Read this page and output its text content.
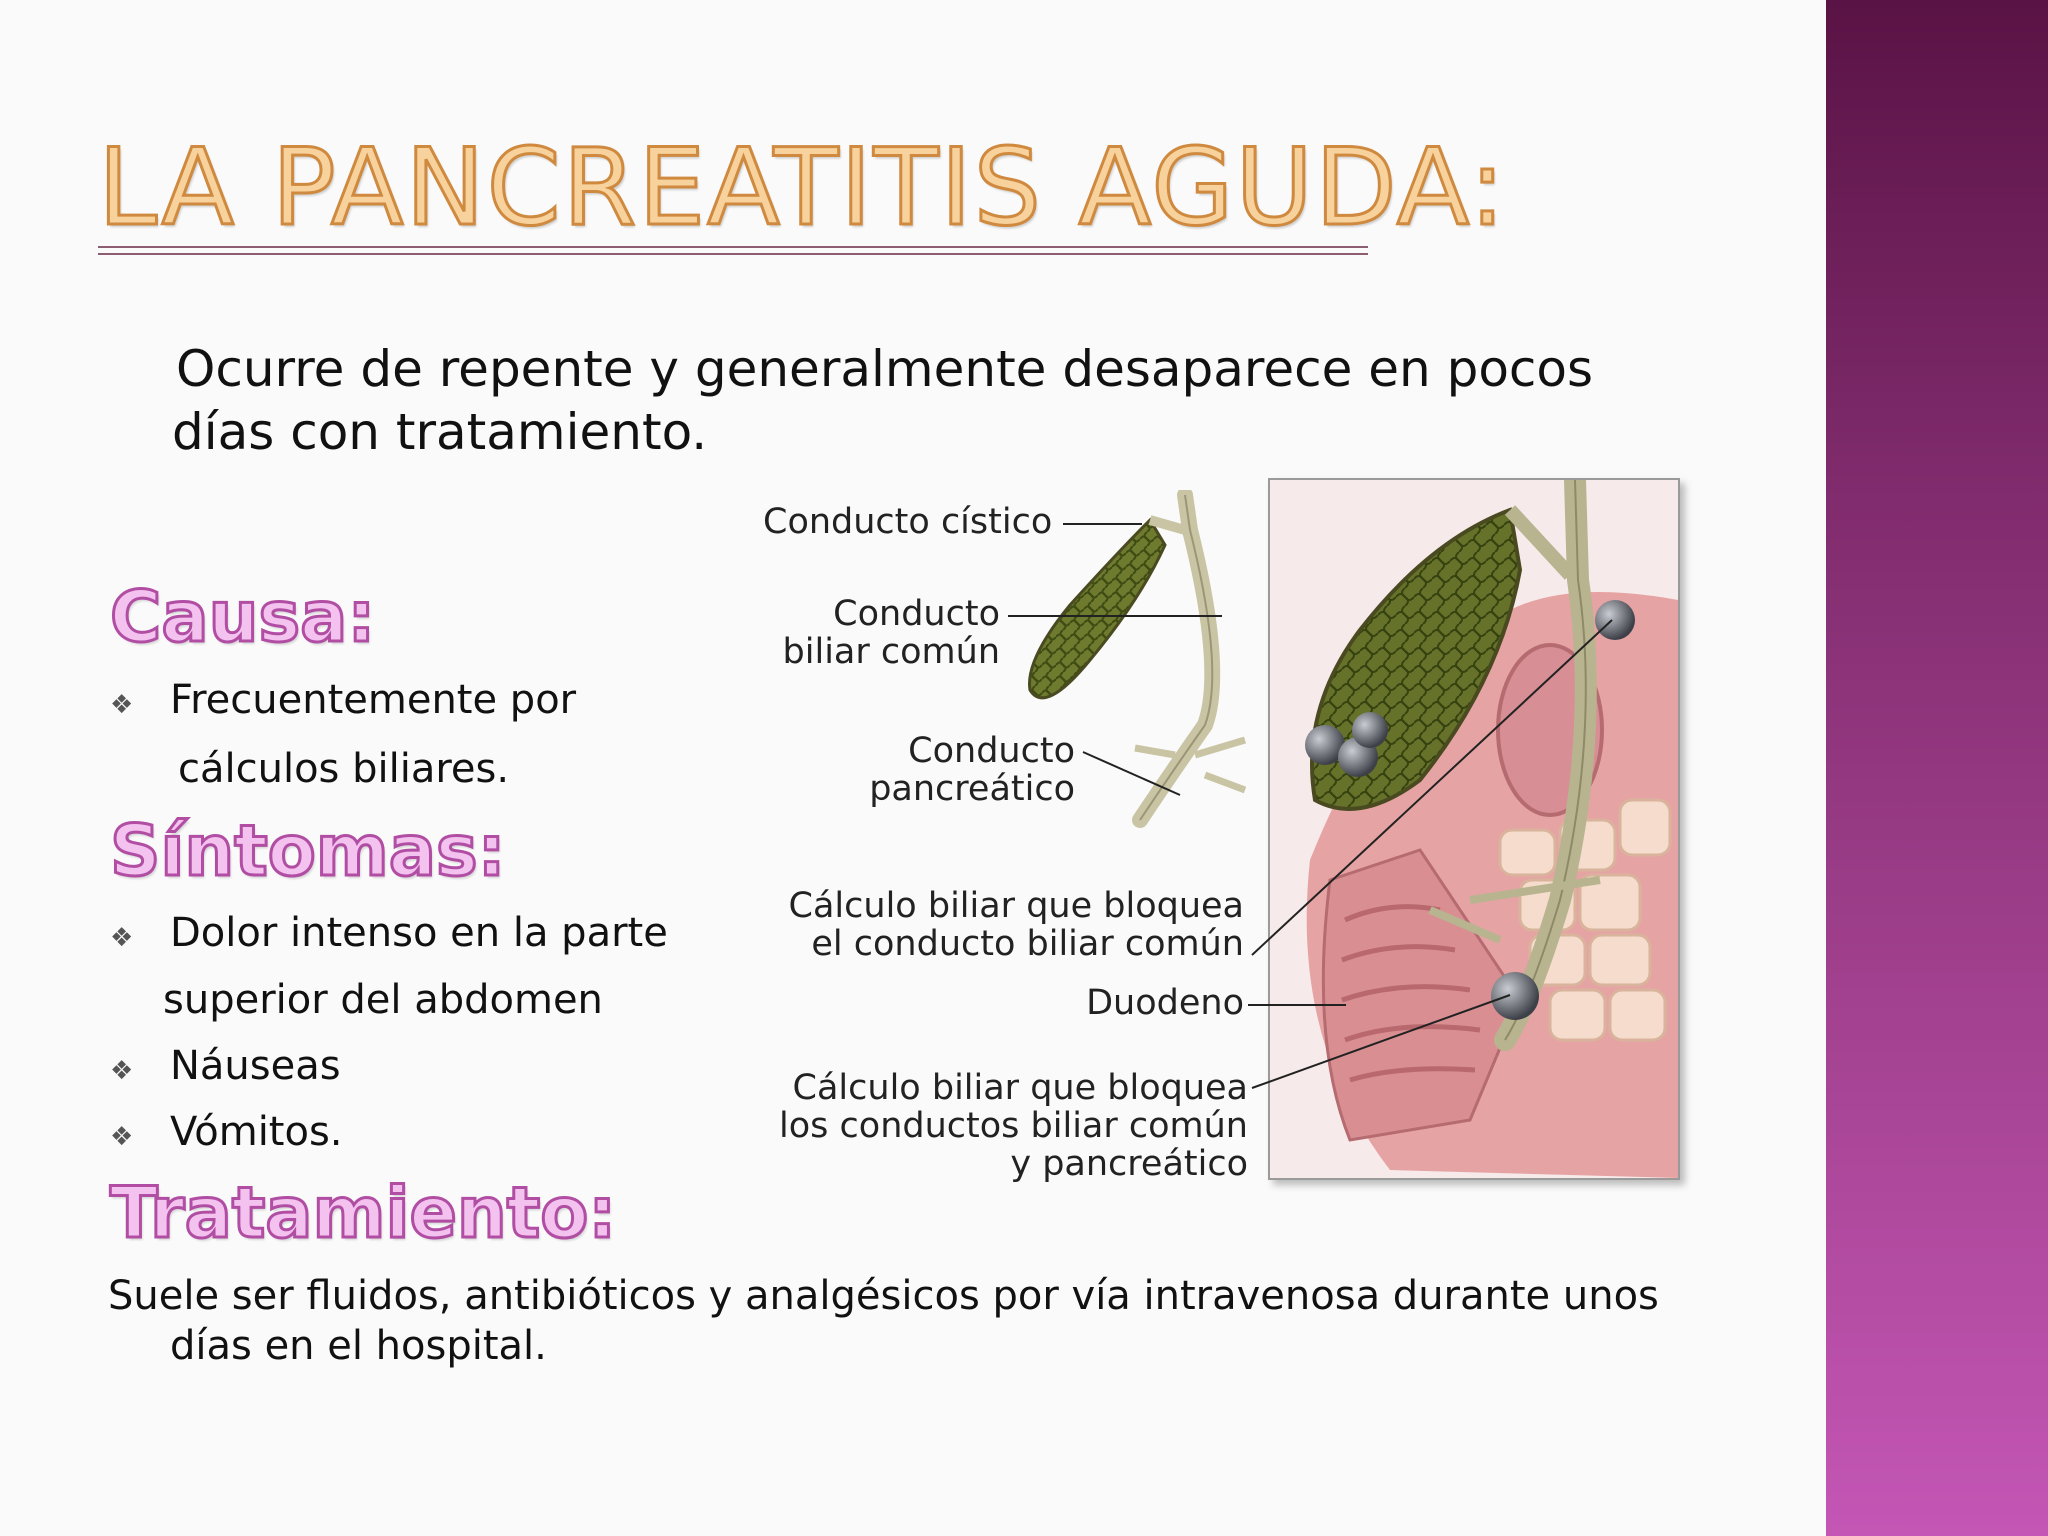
LA PANCREATITIS AGUDA:
Ocurre de repente y generalmente desaparece en pocos
días con tratamiento.
Causa:
❖ Frecuentemente por
cálculos biliares.
Síntomas:
❖ Dolor intenso en la parte
superior del abdomen
❖ Náuseas
❖ Vómitos.
Tratamiento:
Suele ser fluidos, antibióticos y analgésicos por vía intravenosa durante unos
días en el hospital.
Conducto cístico
Conducto
biliar común
Conducto
pancreático
Cálculo biliar que bloquea
el conducto biliar común
Duodeno
Cálculo biliar que bloquea
los conductos biliar común
y pancreático
